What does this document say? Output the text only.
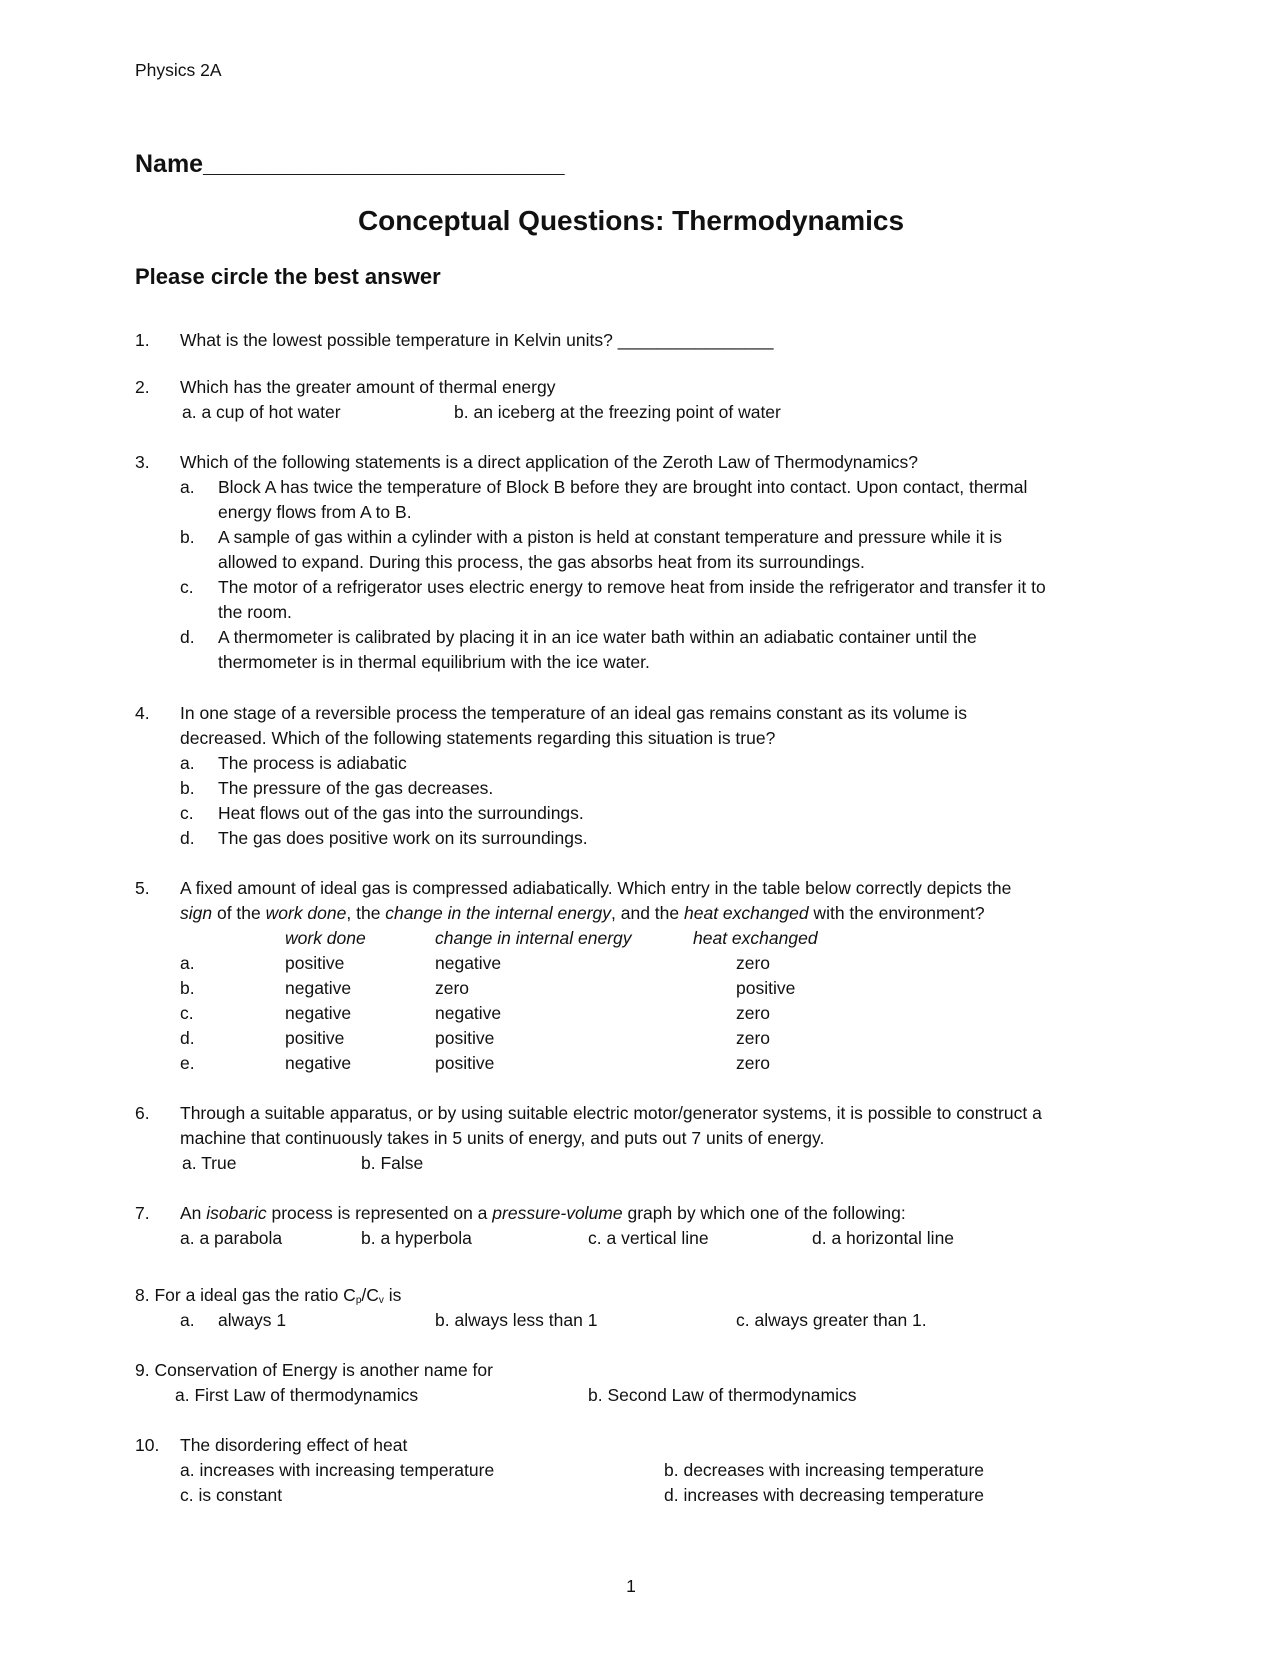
Physics 2A
Name__________________________
Conceptual Questions: Thermodynamics
Please circle the best answer
1. What is the lowest possible temperature in Kelvin units? ________________
2. Which has the greater amount of thermal energy
a. a cup of hot water	b. an iceberg at the freezing point of water
3. Which of the following statements is a direct application of the Zeroth Law of Thermodynamics?
a. Block A has twice the temperature of Block B before they are brought into contact. Upon contact, thermal
energy flows from A to B.
b. A sample of gas within a cylinder with a piston is held at constant temperature and pressure while it is
allowed to expand. During this process, the gas absorbs heat from its surroundings.
c. The motor of a refrigerator uses electric energy to remove heat from inside the refrigerator and transfer it to
the room.
d. A thermometer is calibrated by placing it in an ice water bath within an adiabatic container until the
thermometer is in thermal equilibrium with the ice water.
4. In one stage of a reversible process the temperature of an ideal gas remains constant as its volume is
decreased. Which of the following statements regarding this situation is true?
a. The process is adiabatic
b. The pressure of the gas decreases.
c. Heat flows out of the gas into the surroundings.
d. The gas does positive work on its surroundings.
5. A fixed amount of ideal gas is compressed adiabatically. Which entry in the table below correctly depicts the
sign of the work done, the change in the internal energy, and the heat exchanged with the environment?
work done	change in internal energy	heat exchanged
a.	positive	negative	zero
b.	negative	zero	positive
c.	negative	negative	zero
d.	positive	positive	zero
e.	negative	positive	zero
6. Through a suitable apparatus, or by using suitable electric motor/generator systems, it is possible to construct a
machine that continuously takes in 5 units of energy, and puts out 7 units of energy.
a. True	b. False
7. An isobaric process is represented on a pressure-volume graph by which one of the following:
a. a parabola	b. a hyperbola	c. a vertical line	d. a horizontal line
8. For a ideal gas the ratio $C_p/C_v$ is
a. always 1	b. always less than 1	c. always greater than 1.
9. Conservation of Energy is another name for
a. First Law of thermodynamics	b. Second Law of thermodynamics
10. The disordering effect of heat
a. increases with increasing temperature	b. decreases with increasing temperature
c. is constant	d. increases with decreasing temperature
1
